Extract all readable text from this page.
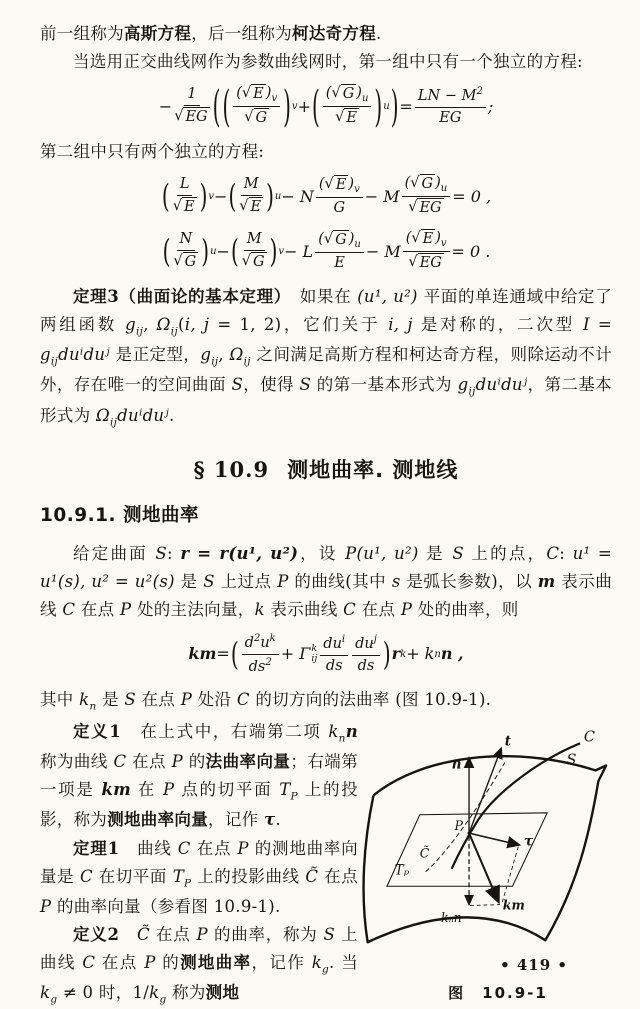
前一组称为高斯方程，后一组称为柯达奇方程.

当选用正交曲线网作为参数曲线网时，第一组中只有一个独立的方程:

− $\frac{1}{√ EG}$ ( ( $\frac{( √ E )_v}{√ G}$ ) v + ( $\frac{( √ G )_u}{√ E}$ ) u ) = $\frac{LN - M^2}{EG}$ ;

第二组中只有两个独立的方程:

( $\frac{L}{√ E}$ ) v − ( $\frac{M}{√ E}$ ) u − N $\frac{( √ E )_v}{G} - M \frac{( √ G )_u}{√ EG} = 0$ ,
( $\frac{N}{√ G}$ ) u − ( $\frac{M}{√ G}$ ) v − L $\frac{( √ G )_u}{E} - M \frac{( √ E )_v}{√ EG} = 0$ .

定理3（曲面论的基本定理）　如果在 (u¹, u²) 平面的单连通域中给定了两组函数 $g_{ij}$, $\Omega_{ij}(i$, j = 1, 2)，它们关于 i, j 是对称的，二次型 $I = g_{ij}du^iduʲ$ 是正定型，$g_{ij}$, $\Omega_{ij}$ 之间满足高斯方程和柯达奇方程，则除运动不计外，存在唯一的空间曲面 S，使得 S 的第一基本形式为 $g_{ij}du^iduʲ$，第二基本形式为 $\Omega_{ij}du^iduʲ$.

§ 10.9 测地曲率. 测地线
10.9.1. 测地曲率

给定曲面 S: r = r(u¹, u²)，设 P(u¹, u²) 是 S 上的点，C: u¹ = u¹(s), u² = u²(s) 是 S 上过点 P 的曲线(其中 s 是弧长参数)，以 m 表示曲线 C 在点 P 处的主法向量，k 表示曲线 C 在点 P 处的曲率，则

km = ( $\frac{d^2u^k}{ds^2} + \Gamma$ k
ij $\frac{du^i}{ds} \frac{du^j}{ds}$ ) r k + k n n ,

其中 $k_n$ 是 S 在点 P 处沿 C 的切方向的法曲率 (图 10.9-1).

定义1　在上式中，右端第二项 $k_nn$ 称为曲线 C 在点 P 的法曲率向量；右端第一项是 km 在 P 点的切平面 $T_P$ 上的投影，称为测地曲率向量，记作 τ.

定理1　曲线 C 在点 P 的测地曲率向量是 C 在切平面 $T_P$ 上的投影曲线 C̃ 在点 P 的曲率向量（参看图 10.9-1).

定义2　 C̃ 在点 P 的曲率，称为 S 上曲线 C 在点 P 的测地曲率，记作 $k_g$. 当 $k_g \ne 0$ 时，$1/k_g$ 称为测地

n
t	C
S
P
C̃
τ
km
kₙn
Tₚ
图　10.9-1
• 419 •
